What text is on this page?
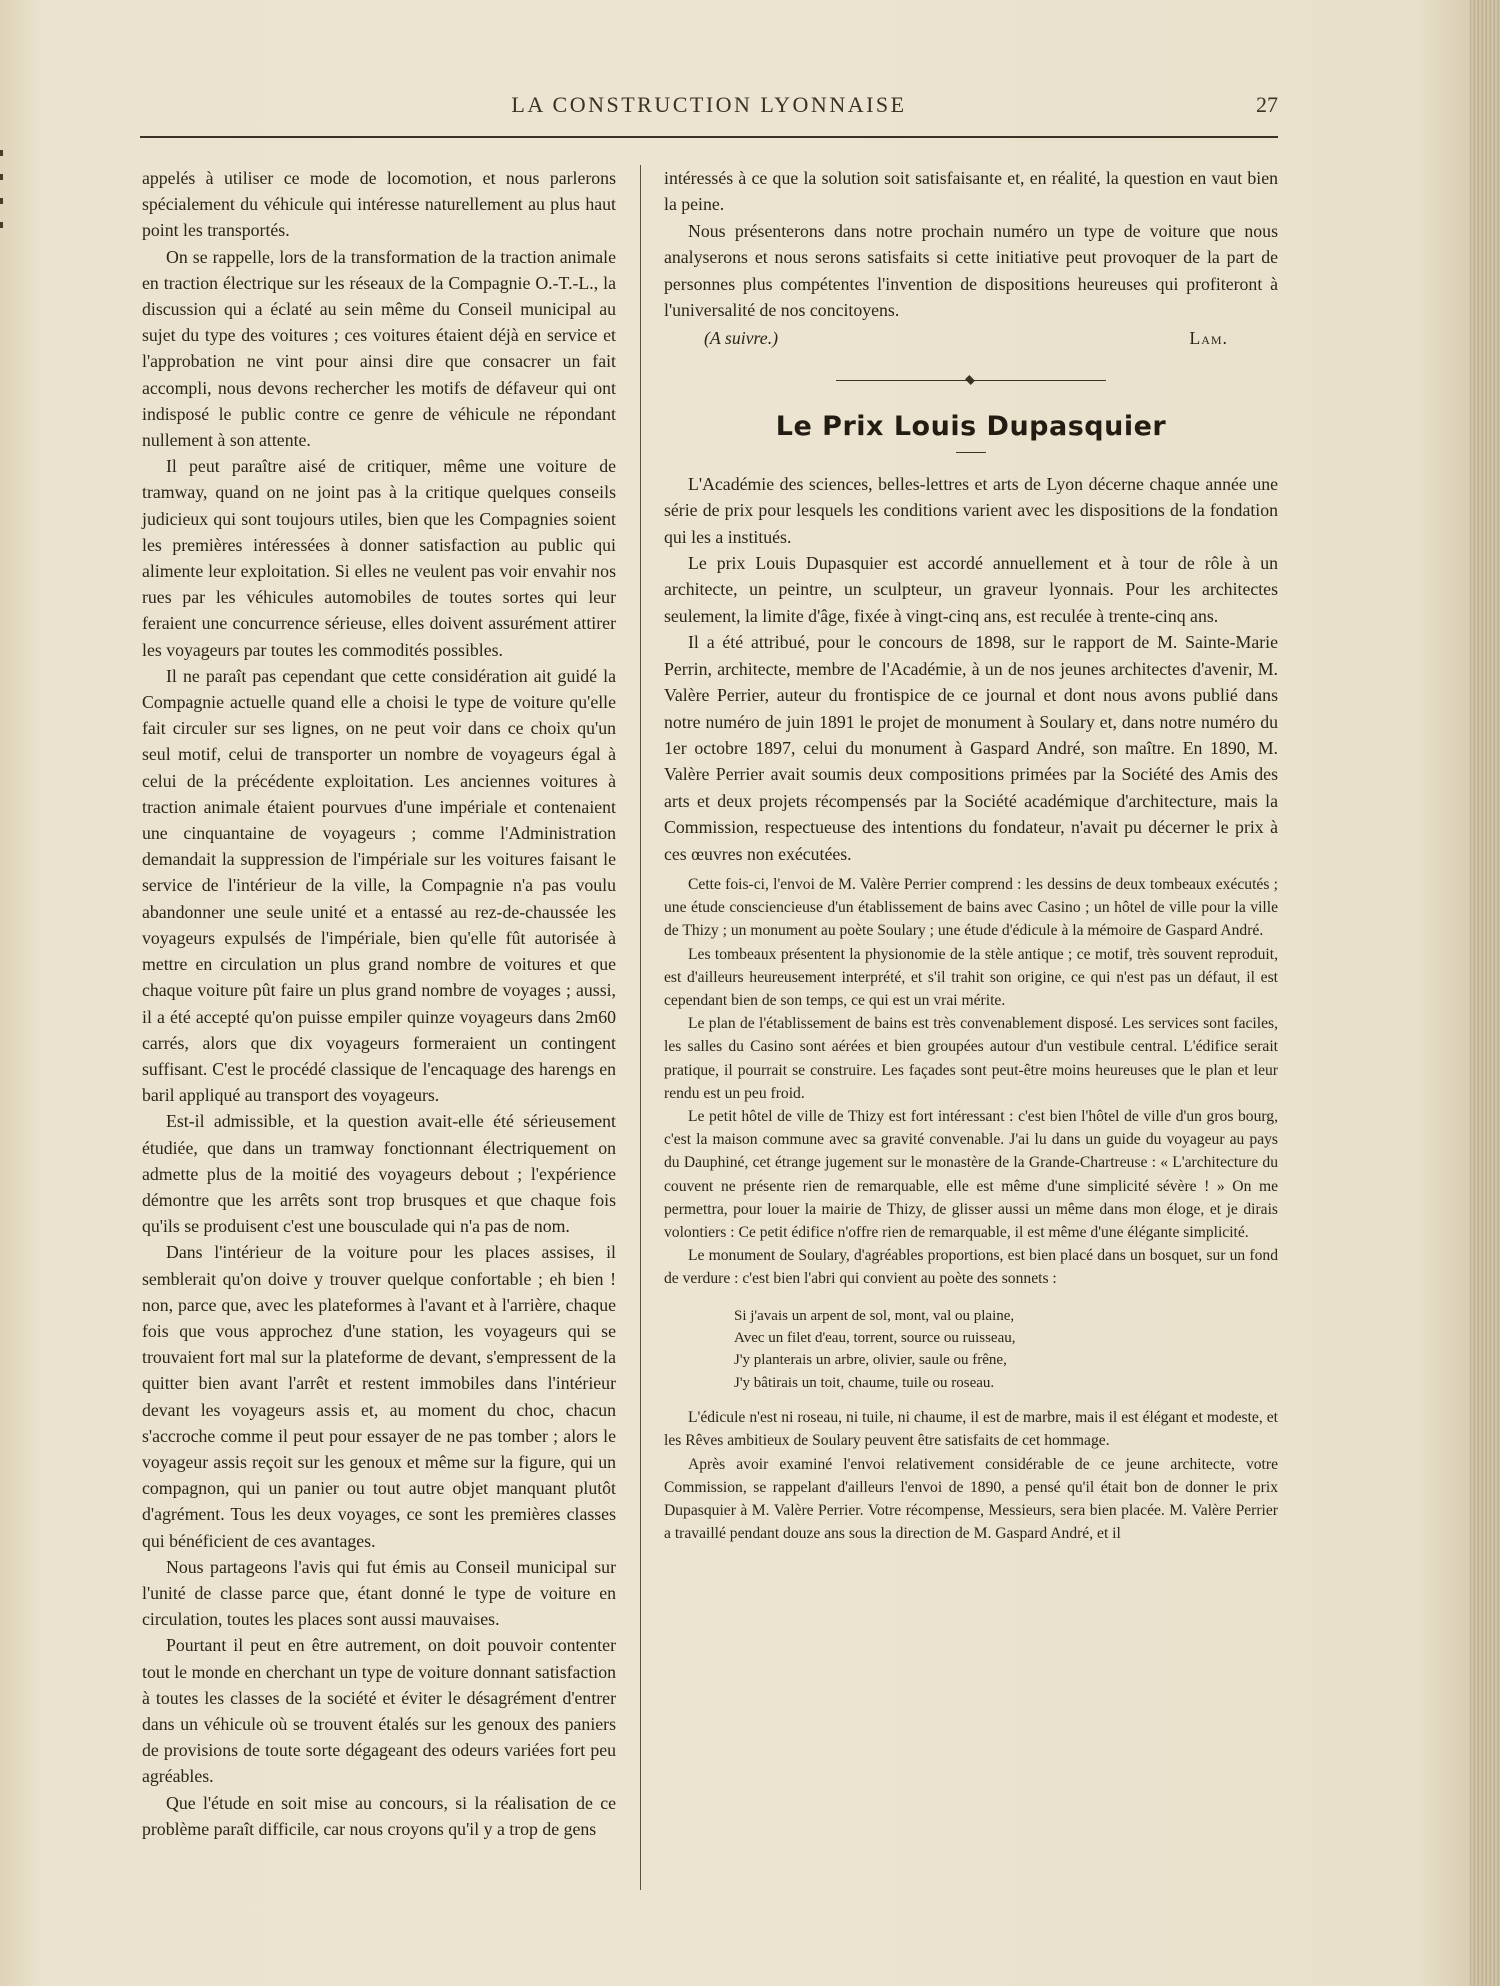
LA CONSTRUCTION LYONNAISE	27

appelés à utiliser ce mode de locomotion, et nous parlerons spécialement du véhicule qui intéresse naturellement au plus haut point les transportés.

On se rappelle, lors de la transformation de la traction animale en traction électrique sur les réseaux de la Compagnie O.-T.-L., la discussion qui a éclaté au sein même du Conseil municipal au sujet du type des voitures ; ces voitures étaient déjà en service et l'approbation ne vint pour ainsi dire que consacrer un fait accompli, nous devons rechercher les motifs de défaveur qui ont indisposé le public contre ce genre de véhicule ne répondant nullement à son attente.

Il peut paraître aisé de critiquer, même une voiture de tramway, quand on ne joint pas à la critique quelques conseils judicieux qui sont toujours utiles, bien que les Compagnies soient les premières intéressées à donner satisfaction au public qui alimente leur exploitation. Si elles ne veulent pas voir envahir nos rues par les véhicules automobiles de toutes sortes qui leur feraient une concurrence sérieuse, elles doivent assurément attirer les voyageurs par toutes les commodités possibles.

Il ne paraît pas cependant que cette considération ait guidé la Compagnie actuelle quand elle a choisi le type de voiture qu'elle fait circuler sur ses lignes, on ne peut voir dans ce choix qu'un seul motif, celui de transporter un nombre de voyageurs égal à celui de la précédente exploitation. Les anciennes voitures à traction animale étaient pourvues d'une impériale et contenaient une cinquantaine de voyageurs ; comme l'Administration demandait la suppression de l'impériale sur les voitures faisant le service de l'intérieur de la ville, la Compagnie n'a pas voulu abandonner une seule unité et a entassé au rez-de-chaussée les voyageurs expulsés de l'impériale, bien qu'elle fût autorisée à mettre en circulation un plus grand nombre de voitures et que chaque voiture pût faire un plus grand nombre de voyages ; aussi, il a été accepté qu'on puisse empiler quinze voyageurs dans 2m60 carrés, alors que dix voyageurs formeraient un contingent suffisant. C'est le procédé classique de l'encaquage des harengs en baril appliqué au transport des voyageurs.

Est-il admissible, et la question avait-elle été sérieusement étudiée, que dans un tramway fonctionnant électriquement on admette plus de la moitié des voyageurs debout ; l'expérience démontre que les arrêts sont trop brusques et que chaque fois qu'ils se produisent c'est une bousculade qui n'a pas de nom.

Dans l'intérieur de la voiture pour les places assises, il semblerait qu'on doive y trouver quelque confortable ; eh bien ! non, parce que, avec les plateformes à l'avant et à l'arrière, chaque fois que vous approchez d'une station, les voyageurs qui se trouvaient fort mal sur la plateforme de devant, s'empressent de la quitter bien avant l'arrêt et restent immobiles dans l'intérieur devant les voyageurs assis et, au moment du choc, chacun s'accroche comme il peut pour essayer de ne pas tomber ; alors le voyageur assis reçoit sur les genoux et même sur la figure, qui un compagnon, qui un panier ou tout autre objet manquant plutôt d'agrément. Tous les deux voyages, ce sont les premières classes qui bénéficient de ces avantages.

Nous partageons l'avis qui fut émis au Conseil municipal sur l'unité de classe parce que, étant donné le type de voiture en circulation, toutes les places sont aussi mauvaises.

Pourtant il peut en être autrement, on doit pouvoir contenter tout le monde en cherchant un type de voiture donnant satisfaction à toutes les classes de la société et éviter le désagrément d'entrer dans un véhicule où se trouvent étalés sur les genoux des paniers de provisions de toute sorte dégageant des odeurs variées fort peu agréables.

Que l'étude en soit mise au concours, si la réalisation de ce problème paraît difficile, car nous croyons qu'il y a trop de gens

intéressés à ce que la solution soit satisfaisante et, en réalité, la question en vaut bien la peine.

Nous présenterons dans notre prochain numéro un type de voiture que nous analyserons et nous serons satisfaits si cette initiative peut provoquer de la part de personnes plus compétentes l'invention de dispositions heureuses qui profiteront à l'universalité de nos concitoyens.

(A suivre.)	Lam.
Le Prix Louis Dupasquier

L'Académie des sciences, belles-lettres et arts de Lyon décerne chaque année une série de prix pour lesquels les conditions varient avec les dispositions de la fondation qui les a institués.

Le prix Louis Dupasquier est accordé annuellement et à tour de rôle à un architecte, un peintre, un sculpteur, un graveur lyonnais. Pour les architectes seulement, la limite d'âge, fixée à vingt-cinq ans, est reculée à trente-cinq ans.

Il a été attribué, pour le concours de 1898, sur le rapport de M. Sainte-Marie Perrin, architecte, membre de l'Académie, à un de nos jeunes architectes d'avenir, M. Valère Perrier, auteur du frontispice de ce journal et dont nous avons publié dans notre numéro de juin 1891 le projet de monument à Soulary et, dans notre numéro du 1er octobre 1897, celui du monument à Gaspard André, son maître. En 1890, M. Valère Perrier avait soumis deux compositions primées par la Société des Amis des arts et deux projets récompensés par la Société académique d'architecture, mais la Commission, respectueuse des intentions du fondateur, n'avait pu décerner le prix à ces œuvres non exécutées.

Cette fois-ci, l'envoi de M. Valère Perrier comprend : les dessins de deux tombeaux exécutés ; une étude consciencieuse d'un établissement de bains avec Casino ; un hôtel de ville pour la ville de Thizy ; un monument au poète Soulary ; une étude d'édicule à la mémoire de Gaspard André.

Les tombeaux présentent la physionomie de la stèle antique ; ce motif, très souvent reproduit, est d'ailleurs heureusement interprété, et s'il trahit son origine, ce qui n'est pas un défaut, il est cependant bien de son temps, ce qui est un vrai mérite.

Le plan de l'établissement de bains est très convenablement disposé. Les services sont faciles, les salles du Casino sont aérées et bien groupées autour d'un vestibule central. L'édifice serait pratique, il pourrait se construire. Les façades sont peut-être moins heureuses que le plan et leur rendu est un peu froid.

Le petit hôtel de ville de Thizy est fort intéressant : c'est bien l'hôtel de ville d'un gros bourg, c'est la maison commune avec sa gravité convenable. J'ai lu dans un guide du voyageur au pays du Dauphiné, cet étrange jugement sur le monastère de la Grande-Chartreuse : « L'architecture du couvent ne présente rien de remarquable, elle est même d'une simplicité sévère ! » On me permettra, pour louer la mairie de Thizy, de glisser aussi un même dans mon éloge, et je dirais volontiers : Ce petit édifice n'offre rien de remarquable, il est même d'une élégante simplicité.

Le monument de Soulary, d'agréables proportions, est bien placé dans un bosquet, sur un fond de verdure : c'est bien l'abri qui convient au poète des sonnets :

Si j'avais un arpent de sol, mont, val ou plaine,
Avec un filet d'eau, torrent, source ou ruisseau,
J'y planterais un arbre, olivier, saule ou frêne,
J'y bâtirais un toit, chaume, tuile ou roseau.

L'édicule n'est ni roseau, ni tuile, ni chaume, il est de marbre, mais il est élégant et modeste, et les Rêves ambitieux de Soulary peuvent être satisfaits de cet hommage.

Après avoir examiné l'envoi relativement considérable de ce jeune architecte, votre Commission, se rappelant d'ailleurs l'envoi de 1890, a pensé qu'il était bon de donner le prix Dupasquier à M. Valère Perrier. Votre récompense, Messieurs, sera bien placée. M. Valère Perrier a travaillé pendant douze ans sous la direction de M. Gaspard André, et il
